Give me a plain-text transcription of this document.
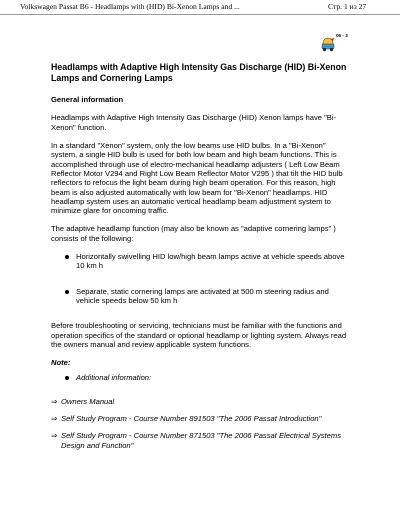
Volkswagen Passat B6 - Headlamps with (HID) Bi-Xenon Lamps and ...	Стр. 1 из 27
06 - 3
Headlamps with Adaptive High Intensity Gas Discharge (HID) Bi-Xenon Lamps and Cornering Lamps
General information

Headlamps with Adaptive High Intensity Gas Discharge (HID) Xenon lamps have "Bi-Xenon" function.

In a standard "Xenon" system, only the low beams use HID bulbs. In a "Bi-Xenon" system, a single HID bulb is used for both low beam and high beam functions. This is accomplished through use of electro-mechanical headlamp adjusters ( Left Low Beam Reflector Motor V294 and Right Low Beam Reflector Motor V295 ) that tilt the HID bulb reflectors to refocus the light beam during high beam operation. For this reason, high beam is also adjusted automatically with low beam for "Bi-Xenon" headlamps. HID headlamp system uses an automatic vertical headlamp beam adjustment system to minimize glare for oncoming traffic.

The adaptive headlamp function (may also be known as "adaptive cornering lamps" ) consists of the following:

Horizontally swivelling HID low/high beam lamps active at vehicle speeds above 10 km h
Separate, static cornering lamps are activated at 500 m steering radius and vehicle speeds below 50 km h

Before troubleshooting or servicing, technicians must be familiar with the functions and operation specifics of the standard or optional headlamp or lighting system. Always read the owners manual and review applicable system functions.

Note:

Additional information:
⇒ Owners Manual
⇒ Self Study Program - Course Number 891503 "The 2006 Passat Introduction"
⇒ Self Study Program - Course Number 871503 "The 2006 Passat Electrical Systems Design and Function"
